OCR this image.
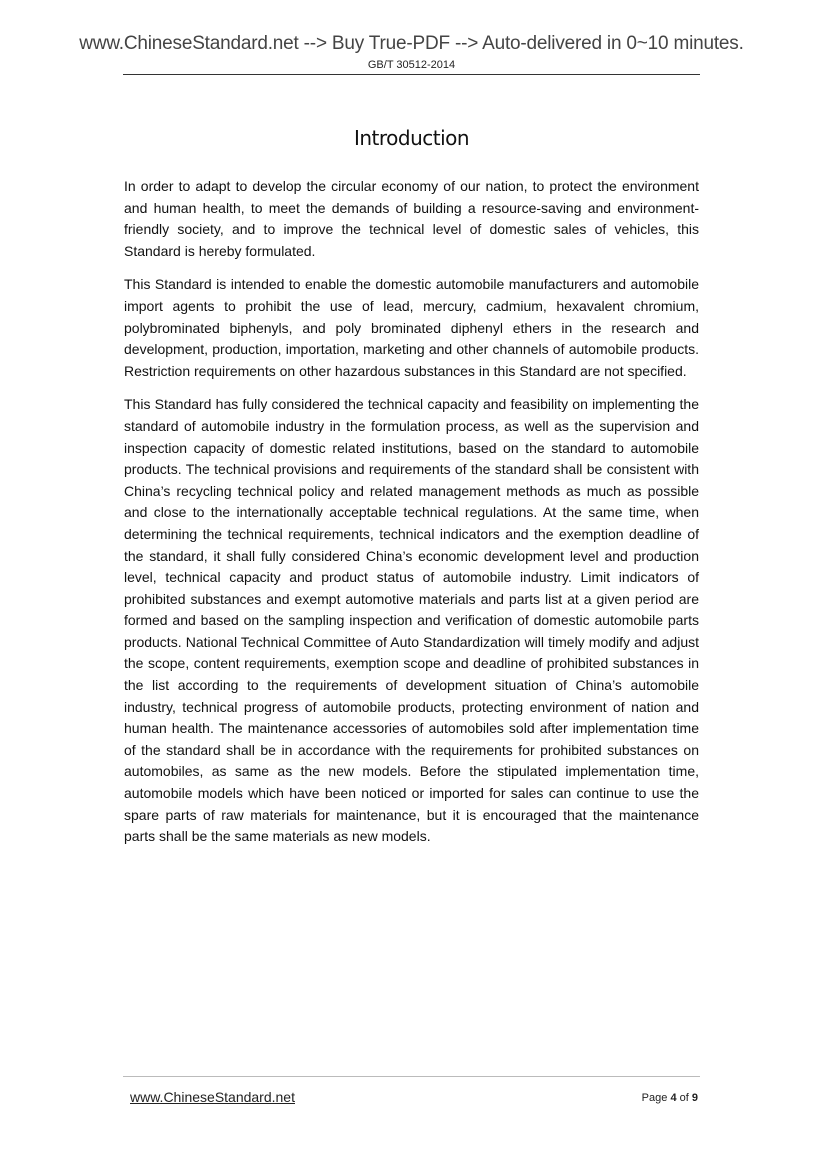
www.ChineseStandard.net --> Buy True-PDF --> Auto-delivered in 0~10 minutes.
GB/T 30512-2014
Introduction

In order to adapt to develop the circular economy of our nation, to protect the environment and human health, to meet the demands of building a resource-saving and environment-friendly society, and to improve the technical level of domestic sales of vehicles, this Standard is hereby formulated.

This Standard is intended to enable the domestic automobile manufacturers and automobile import agents to prohibit the use of lead, mercury, cadmium, hexavalent chromium, polybrominated biphenyls, and poly brominated diphenyl ethers in the research and development, production, importation, marketing and other channels of automobile products. Restriction requirements on other hazardous substances in this Standard are not specified.

This Standard has fully considered the technical capacity and feasibility on implementing the standard of automobile industry in the formulation process, as well as the supervision and inspection capacity of domestic related institutions, based on the standard to automobile products. The technical provisions and requirements of the standard shall be consistent with China’s recycling technical policy and related management methods as much as possible and close to the internationally acceptable technical regulations. At the same time, when determining the technical requirements, technical indicators and the exemption deadline of the standard, it shall fully considered China’s economic development level and production level, technical capacity and product status of automobile industry. Limit indicators of prohibited substances and exempt automotive materials and parts list at a given period are formed and based on the sampling inspection and verification of domestic automobile parts products. National Technical Committee of Auto Standardization will timely modify and adjust the scope, content requirements, exemption scope and deadline of prohibited substances in the list according to the requirements of development situation of China’s automobile industry, technical progress of automobile products, protecting environment of nation and human health. The maintenance accessories of automobiles sold after implementation time of the standard shall be in accordance with the requirements for prohibited substances on automobiles, as same as the new models. Before the stipulated implementation time, automobile models which have been noticed or imported for sales can continue to use the spare parts of raw materials for maintenance, but it is encouraged that the maintenance parts shall be the same materials as new models.

www.ChineseStandard.net	Page 4 of 9
